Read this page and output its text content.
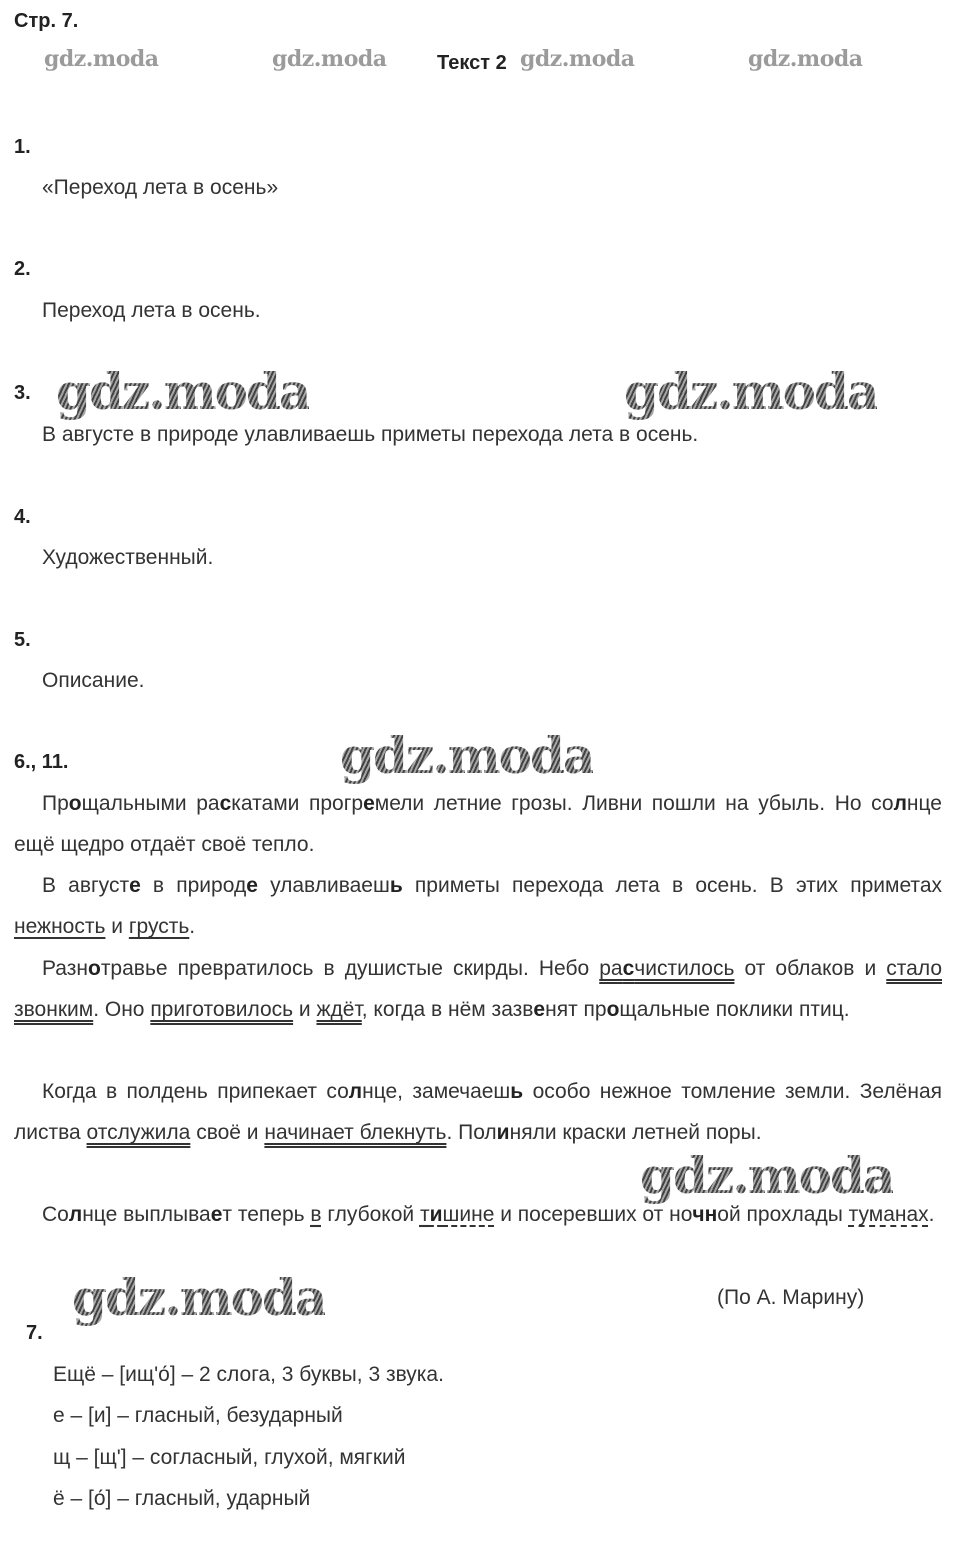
Стр. 7.
Текст 2
gdz.moda	gdz.moda	gdz.moda	gdz.moda
1.
«Переход лета в осень»
2.
Переход лета в осень.
3. gdz.moda	gdz.moda
В августе в природе улавливаешь приметы перехода лета в осень.
4.
Художественный.
5.
Описание.
6., 11.	gdz.moda
Прощальными раскатами прогремели летние грозы. Ливни пошли на убыль. Но солнце ещё щедро отдаёт своё тепло.
В августе в природе улавливаешь приметы перехода лета в осень. В этих приметах нежность и грусть.
Разнотравье превратилось в душистые скирды. Небо расчистилось от облаков и стало звонким. Оно приготовилось и ждёт, когда в нём зазвенят прощальные поклики птиц.
Когда в полдень припекает солнце, замечаешь особо нежное томление земли. Зелёная листва отслужила своё и начинает блекнуть. Полиняли краски летней поры.
gdz.moda
Солнце выплывает теперь в глубокой тишине и посеревших от ночной прохлады туманах.
gdz.moda	(По А. Марину)
7.
Ещё – [ищ'о́] – 2 слога, 3 буквы, 3 звука.
е – [и] – гласный, безударный
щ – [щ'] – согласный, глухой, мягкий
ё – [о́] – гласный, ударный
